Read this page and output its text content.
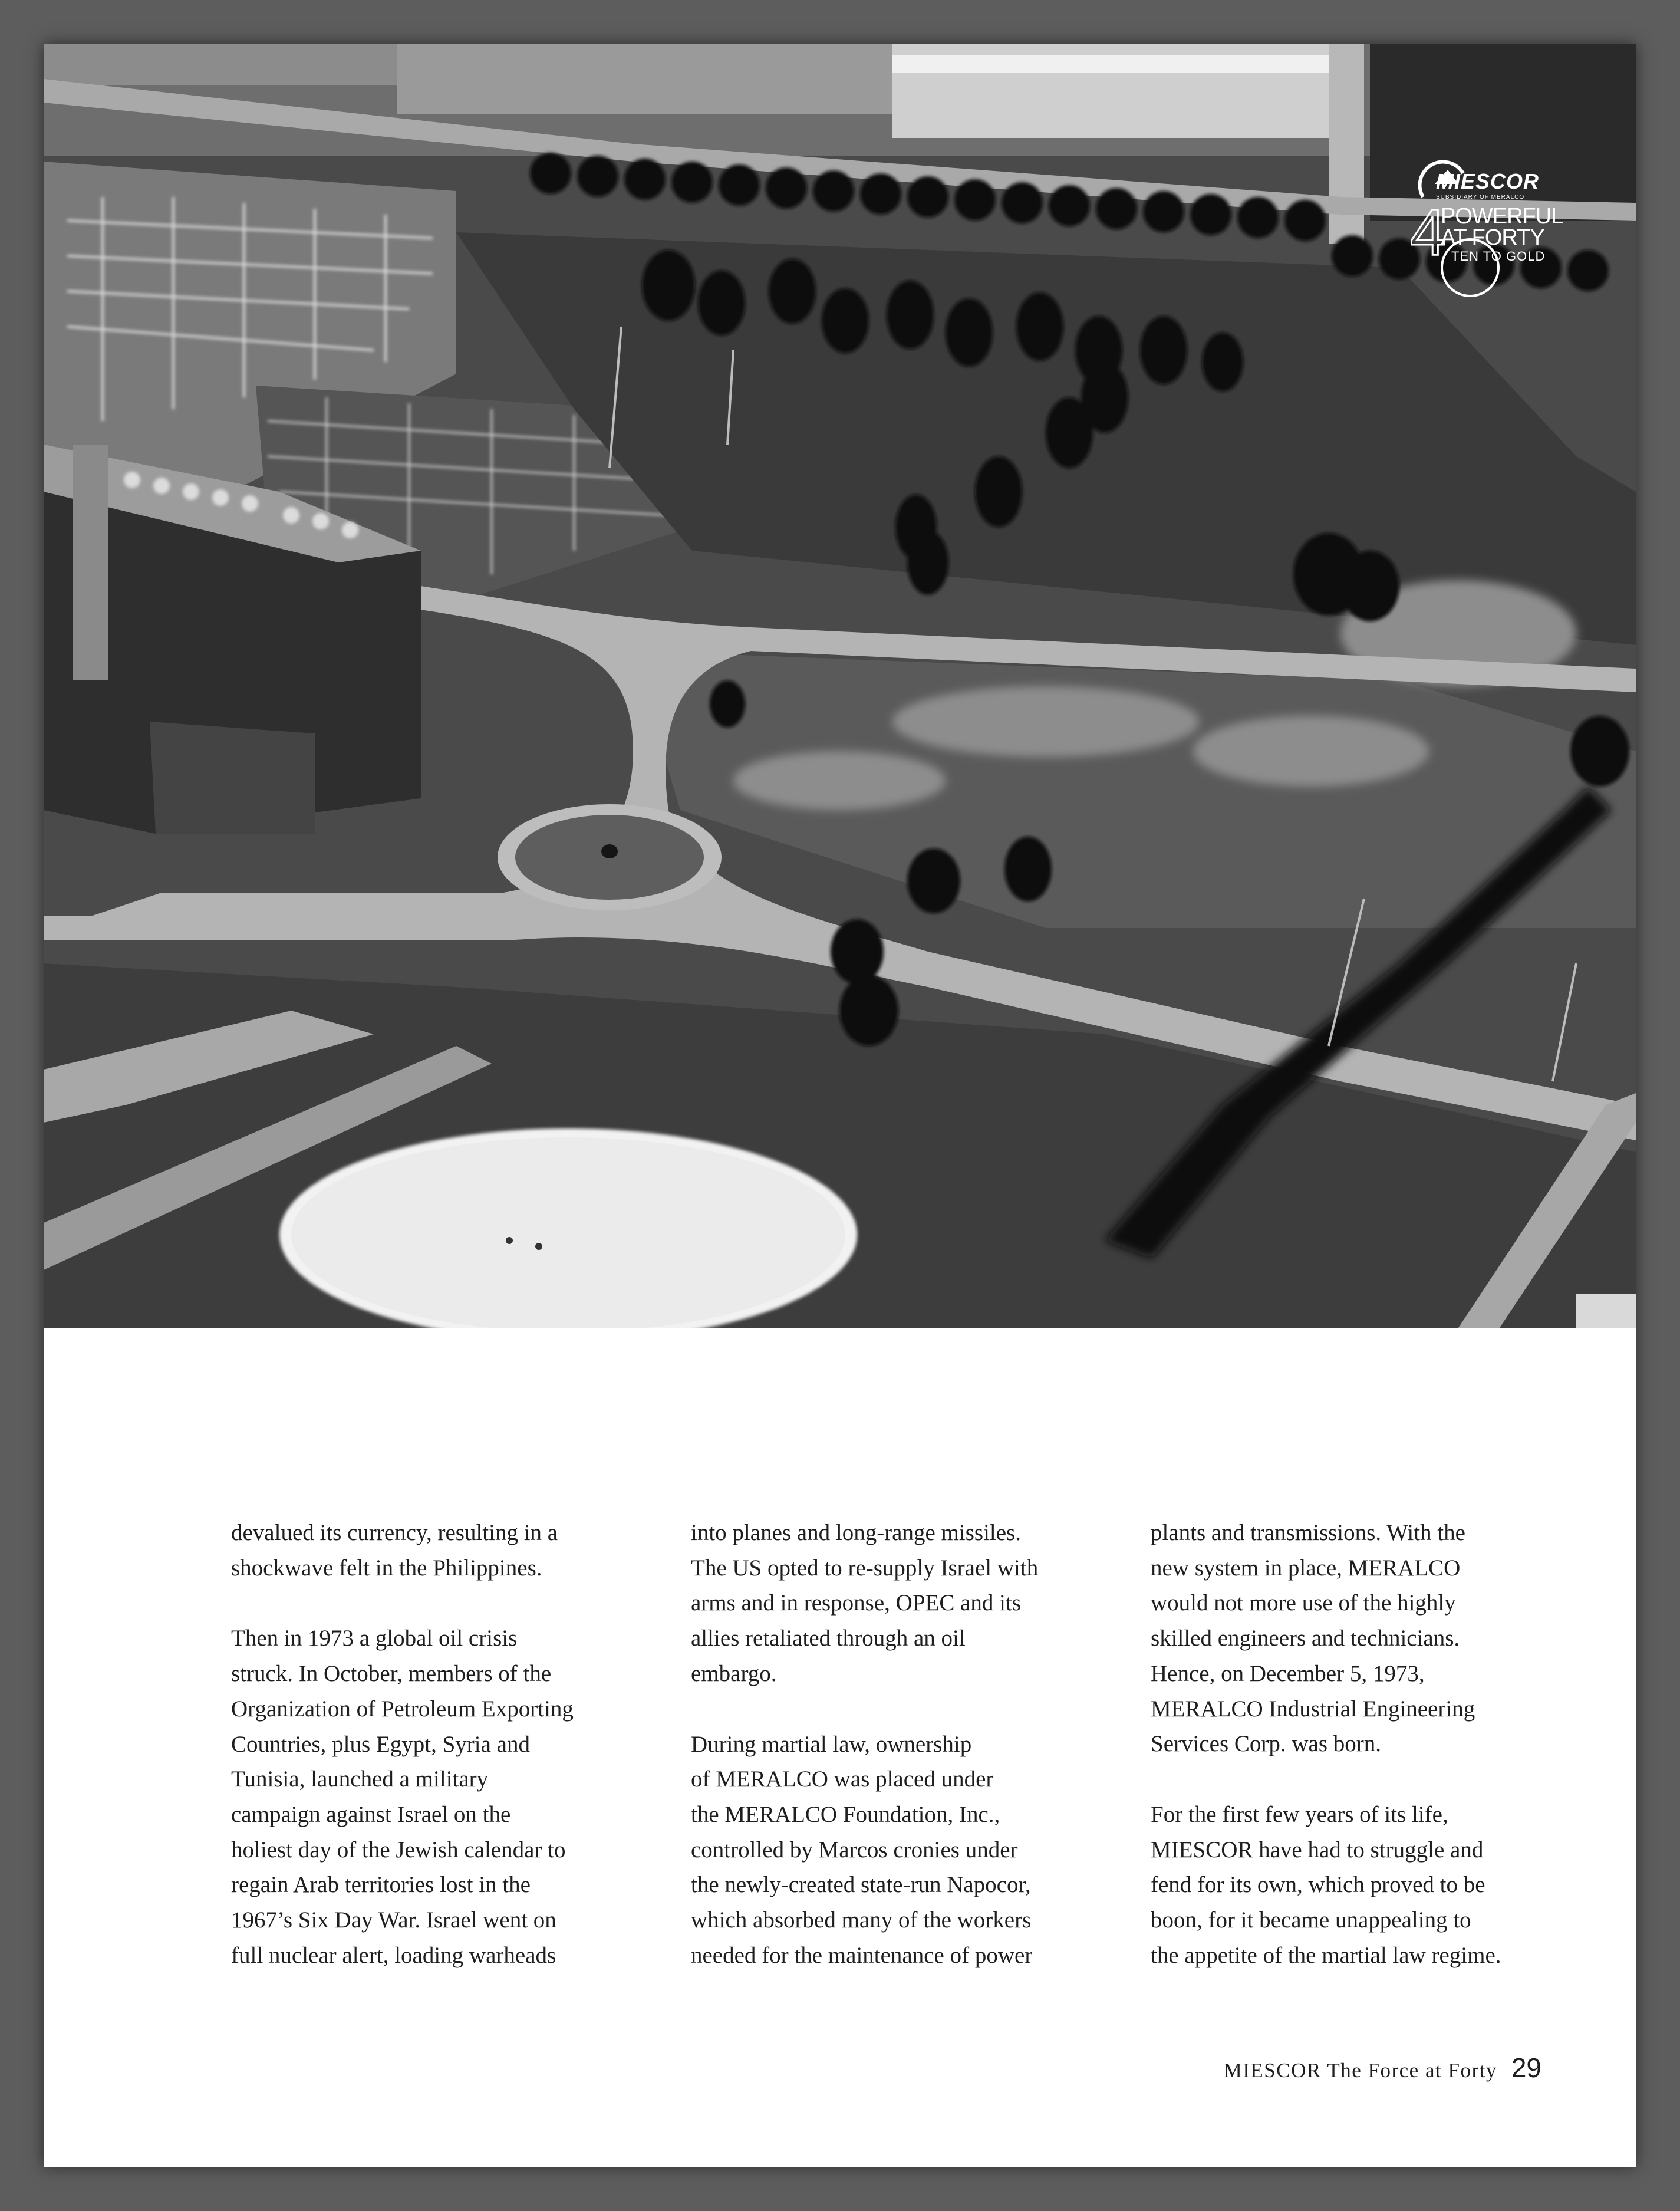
4
MIESCOR
SUBSIDIARY OF MERALCO
POWERFUL
AT FORTY
TEN TO GOLD

devalued its currency, resulting in a
shockwave felt in the Philippines.

Then in 1973 a global oil crisis
struck. In October, members of the
Organization of Petroleum Exporting
Countries, plus Egypt, Syria and
Tunisia, launched a military
campaign against Israel on the
holiest day of the Jewish calendar to
regain Arab territories lost in the
1967’s Six Day War. Israel went on
full nuclear alert, loading warheads

into planes and long-range missiles.
The US opted to re-supply Israel with
arms and in response, OPEC and its
allies retaliated through an oil
embargo.

During martial law, ownership
of MERALCO was placed under
the MERALCO Foundation, Inc.,
controlled by Marcos cronies under
the newly-created state-run Napocor,
which absorbed many of the workers
needed for the maintenance of power

plants and transmissions. With the
new system in place, MERALCO
would not more use of the highly
skilled engineers and technicians.
Hence, on December 5, 1973,
MERALCO Industrial Engineering
Services Corp. was born.

For the first few years of its life,
MIESCOR have had to struggle and
fend for its own, which proved to be
boon, for it became unappealing to
the appetite of the martial law regime.

MIESCOR The Force at Forty 29
